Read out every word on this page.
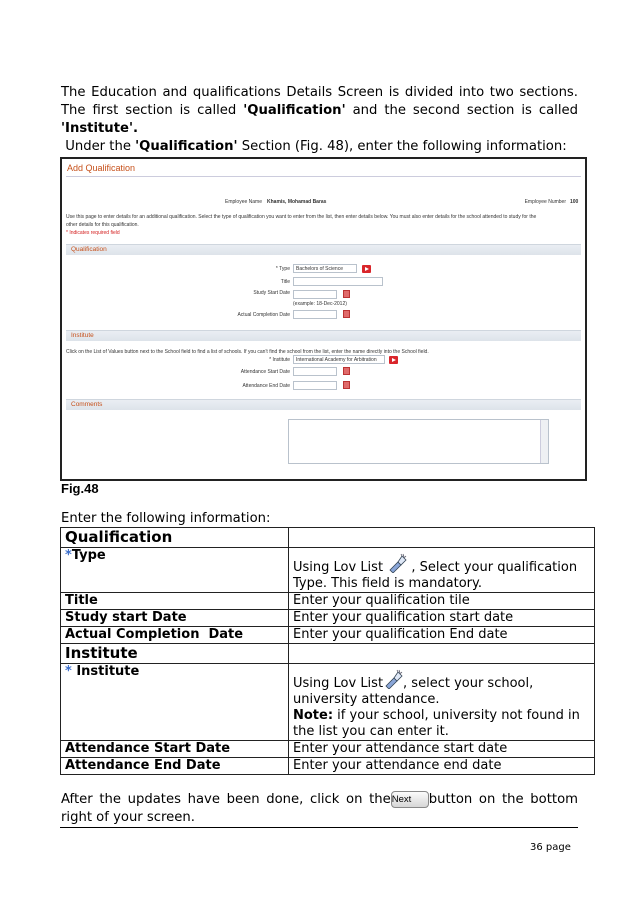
The Education and qualifications Details Screen is divided into two sections.
The first section is called 'Qualification' and the second section is called
'Institute'.
Under the 'Qualification' Section (Fig. 48), enter the following information:
Add Qualification
Employee Name Khamis, Mohamad Baras	Employee Number 100
Use this page to enter details for an additional qualification. Select the type of qualification you want to enter from the list, then enter details below. You must also enter details for the school attended to study for the
other details for this qualification.
* Indicates required field
Qualification
* Type	Bachelors of Science
Title
Study Start Date
(example: 18-Dec-2012)
Actual Completion Date
Institute
Click on the List of Values button next to the School field to find a list of schools. If you can't find the school from the list, enter the name directly into the School field.
* Institute	International Academy for Arbitration
Attendance Start Date
Attendance End Date
Comments
Fig.48
Enter the following information:
Qualification	
*Type	Using Lov List , Select your qualification Type. This field is mandatory.
Title	Enter your qualification tile
Study start Date	Enter your qualification start date
Actual Completion  Date	Enter your qualification End date
Institute	
* Institute	Using Lov List , select your school, university attendance.
Note: if your school, university not found in the list you can enter it.
Attendance Start Date	Enter your attendance start date
Attendance End Date	Enter your attendance end date
After the updates have been done, click on theNext button on the bottom
right of your screen.
36 page
